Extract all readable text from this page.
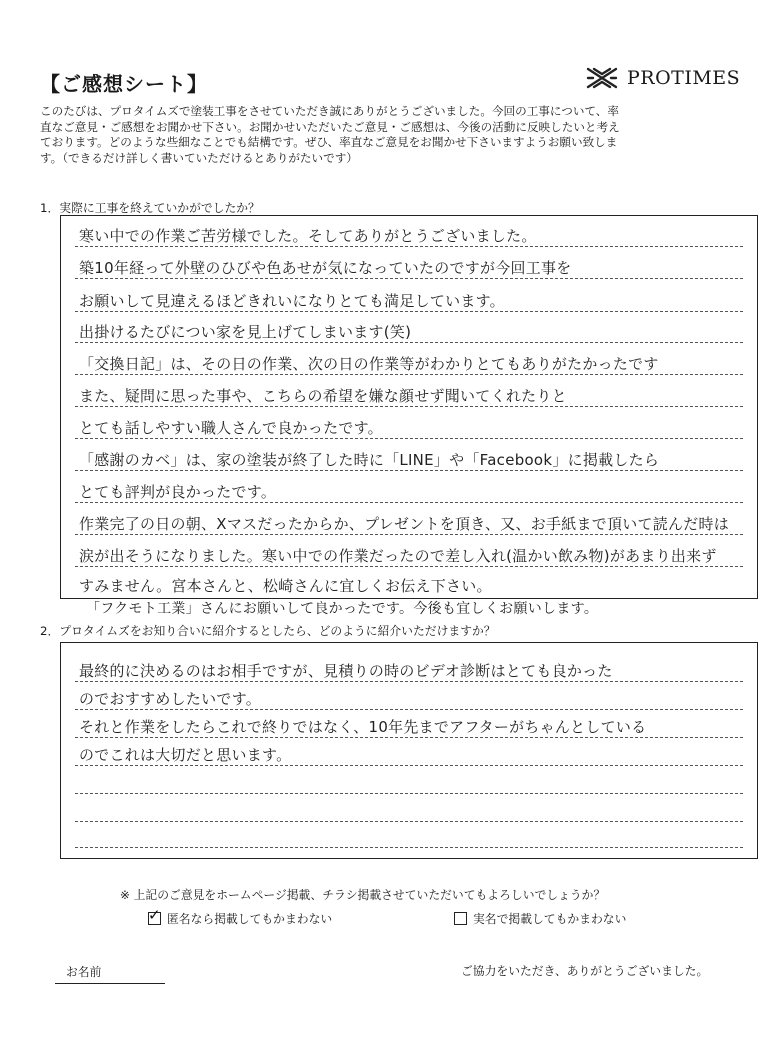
【ご感想シート】	PROTIMES
このたびは、プロタイムズで塗装工事をさせていただき誠にありがとうございました。今回の工事について、率
直なご意見・ご感想をお聞かせ下さい。お聞かせいただいたご意見・ご感想は、今後の活動に反映したいと考え
ております。どのような些細なことでも結構です。ぜひ、率直なご意見をお聞かせ下さいますようお願い致しま
す。（できるだけ詳しく書いていただけるとありがたいです）
1．実際に工事を終えていかがでしたか？
寒い中での作業ご苦労様でした。そしてありがとうございました。
築10年経って外壁のひびや色あせが気になっていたのですが今回工事を
お願いして見違えるほどきれいになりとても満足しています。
出掛けるたびについ家を見上げてしまいます(笑)
「交換日記」は、その日の作業、次の日の作業等がわかりとてもありがたかったです
また、疑問に思った事や、こちらの希望を嫌な顔せず聞いてくれたりと
とても話しやすい職人さんで良かったです。
「感謝のカベ」は、家の塗装が終了した時に「LINE」や「Facebook」に掲載したら
とても評判が良かったです。
作業完了の日の朝、Xマスだったからか、プレゼントを頂き、又、お手紙まで頂いて読んだ時は
涙が出そうになりました。寒い中での作業だったので差し入れ(温かい飲み物)があまり出来ず
すみません。宮本さんと、松崎さんに宜しくお伝え下さい。
「フクモト工業」さんにお願いして良かったです。今後も宜しくお願いします。
2．プロタイムズをお知り合いに紹介するとしたら、どのように紹介いただけますか？
最終的に決めるのはお相手ですが、見積りの時のビデオ診断はとても良かった
のでおすすめしたいです。
それと作業をしたらこれで終りではなく、10年先までアフターがちゃんとしている
のでこれは大切だと思います。
※ 上記のご意見をホームページ掲載、チラシ掲載させていただいてもよろしいでしょうか？
✓ 匿名なら掲載してもかまわない	実名で掲載してもかまわない
お名前	ご協力をいただき、ありがとうございました。
